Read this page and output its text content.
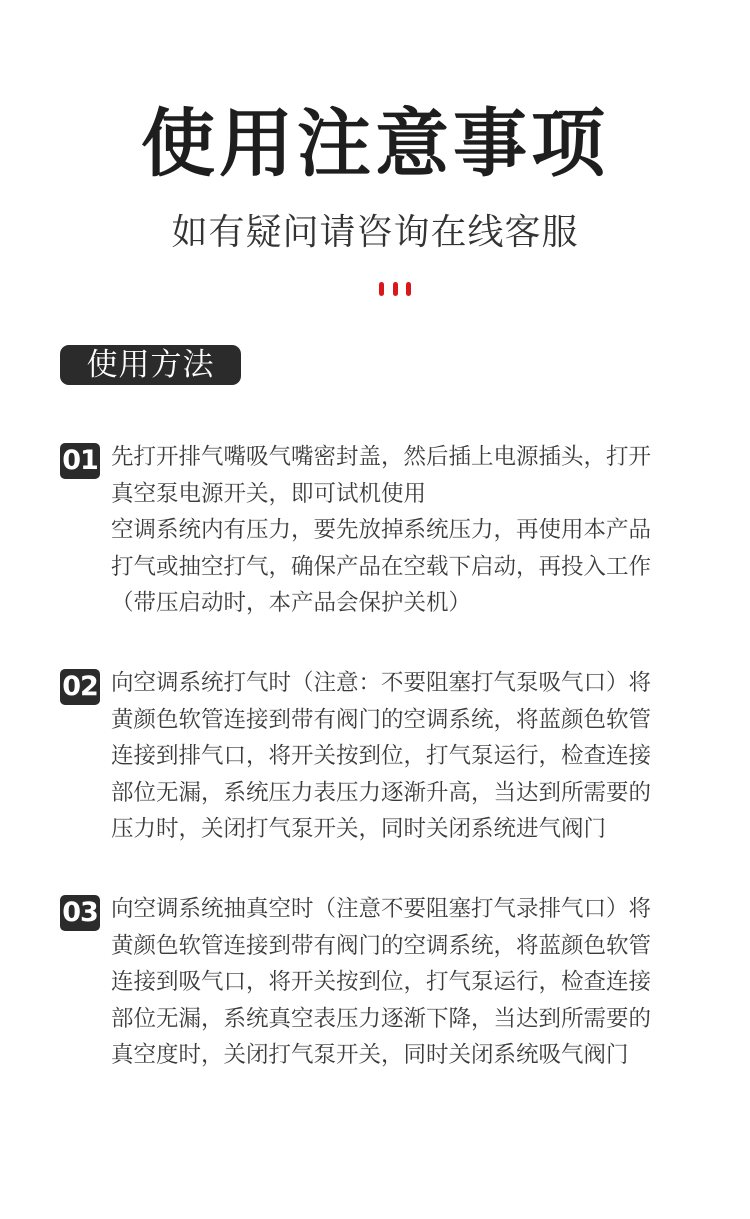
使用注意事项
如有疑问请咨询在线客服
使用方法
01 先打开排气嘴吸气嘴密封盖，然后插上电源插头，打开

真空泵电源开关，即可试机使用

空调系统内有压力，要先放掉系统压力，再使用本产品

打气或抽空打气，确保产品在空载下启动，再投入工作

（带压启动时，本产品会保护关机）

02 向空调系统打气时（注意：不要阻塞打气泵吸气口）将

黄颜色软管连接到带有阀门的空调系统，将蓝颜色软管

连接到排气口，将开关按到位，打气泵运行，检查连接

部位无漏，系统压力表压力逐渐升高，当达到所需要的

压力时，关闭打气泵开关，同时关闭系统进气阀门

03 向空调系统抽真空时（注意不要阻塞打气录排气口）将

黄颜色软管连接到带有阀门的空调系统，将蓝颜色软管

连接到吸气口，将开关按到位，打气泵运行，检查连接

部位无漏，系统真空表压力逐渐下降，当达到所需要的

真空度时，关闭打气泵开关，同时关闭系统吸气阀门
